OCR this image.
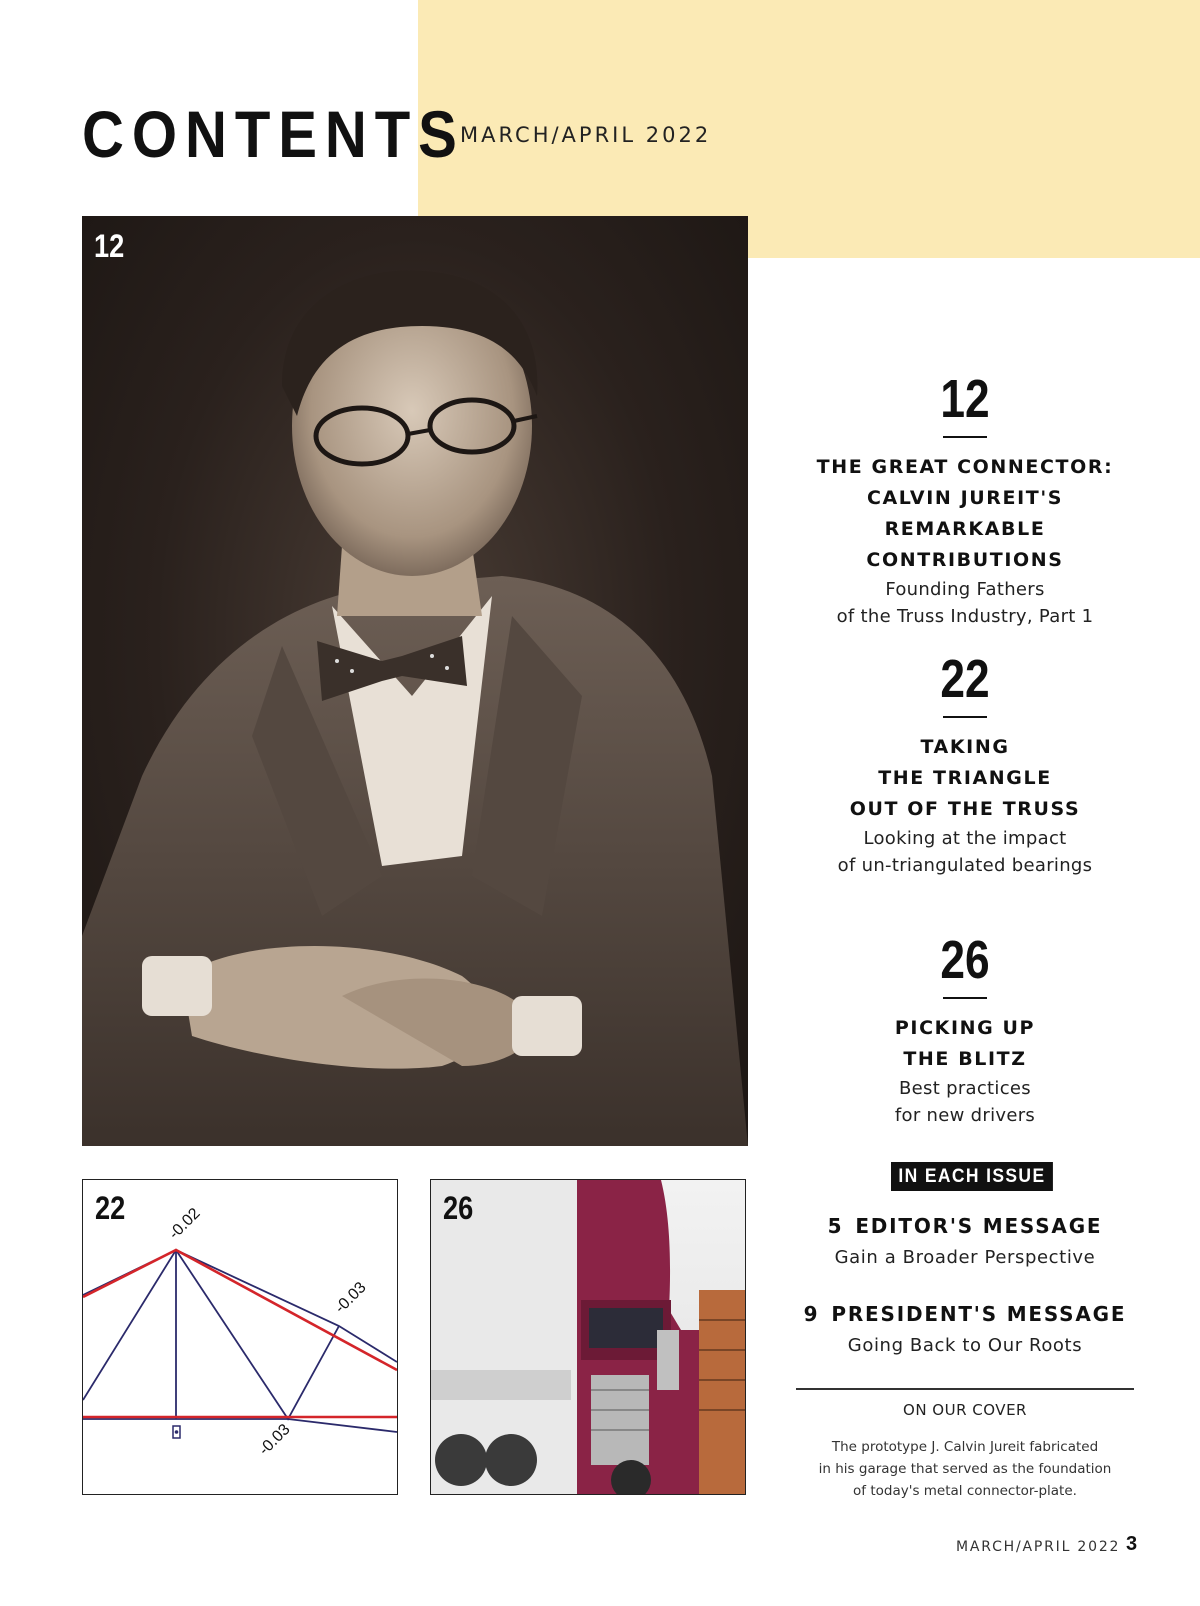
CONTENTS
MARCH/APRIL 2022
12
-0.02
-0.03
-0.03
22	26
12
THE GREAT CONNECTOR:
CALVIN JUREIT'S REMARKABLE
CONTRIBUTIONS
Founding Fathers
of the Truss Industry, Part 1
22
TAKING
THE TRIANGLE
OUT OF THE TRUSS
Looking at the impact
of un-triangulated bearings
26
PICKING UP
THE BLITZ
Best practices
for new drivers
IN EACH ISSUE
5 EDITOR'S MESSAGE
Gain a Broader Perspective
9 PRESIDENT'S MESSAGE
Going Back to Our Roots
ON OUR COVER
The prototype J. Calvin Jureit fabricated
in his garage that served as the foundation
of today's metal connector-plate.
MARCH/APRIL 2022 3
